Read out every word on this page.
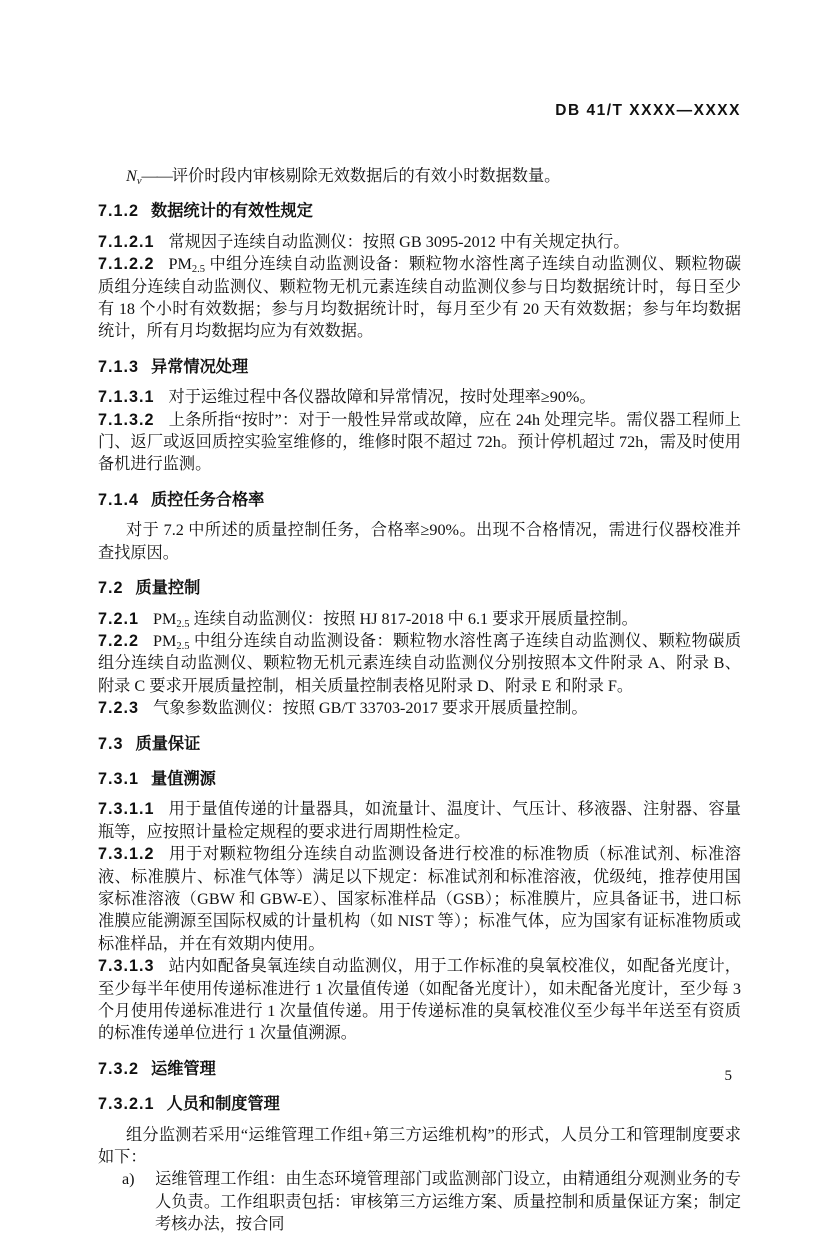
DB 41/T XXXX—XXXX

$N_v——$评价时段内审核剔除无效数据后的有效小时数据数量。

7.1.2 数据统计的有效性规定

7.1.2.1 常规因子连续自动监测仪：按照 GB 3095-2012 中有关规定执行。

7.1.2.2 $PM_{2.5}$ 中组分连续自动监测设备：颗粒物水溶性离子连续自动监测仪、颗粒物碳质组分连续自动监测仪、颗粒物无机元素连续自动监测仪参与日均数据统计时，每日至少有 18 个小时有效数据；参与月均数据统计时，每月至少有 20 天有效数据；参与年均数据统计，所有月均数据均应为有效数据。

7.1.3 异常情况处理

7.1.3.1 对于运维过程中各仪器故障和异常情况，按时处理率≥90%。

7.1.3.2 上条所指“按时”：对于一般性异常或故障，应在 24h 处理完毕。需仪器工程师上门、返厂或返回质控实验室维修的，维修时限不超过 72h。预计停机超过 72h，需及时使用备机进行监测。

7.1.4 质控任务合格率

对于 7.2 中所述的质量控制任务，合格率≥90%。出现不合格情况，需进行仪器校准并查找原因。

7.2 质量控制

7.2.1 $PM_{2.5}$ 连续自动监测仪：按照 HJ 817-2018 中 6.1 要求开展质量控制。

7.2.2 $PM_{2.5}$ 中组分连续自动监测设备：颗粒物水溶性离子连续自动监测仪、颗粒物碳质组分连续自动监测仪、颗粒物无机元素连续自动监测仪分别按照本文件附录 A、附录 B、附录 C 要求开展质量控制，相关质量控制表格见附录 D、附录 E 和附录 F。

7.2.3 气象参数监测仪：按照 GB/T 33703-2017 要求开展质量控制。

7.3 质量保证

7.3.1 量值溯源

7.3.1.1 用于量值传递的计量器具，如流量计、温度计、气压计、移液器、注射器、容量瓶等，应按照计量检定规程的要求进行周期性检定。

7.3.1.2 用于对颗粒物组分连续自动监测设备进行校准的标准物质（标准试剂、标准溶液、标准膜片、标准气体等）满足以下规定：标准试剂和标准溶液，优级纯，推荐使用国家标准溶液（GBW 和 GBW-E）、国家标准样品（GSB）；标准膜片，应具备证书，进口标准膜应能溯源至国际权威的计量机构（如 NIST 等）；标准气体，应为国家有证标准物质或标准样品，并在有效期内使用。

7.3.1.3 站内如配备臭氧连续自动监测仪，用于工作标准的臭氧校准仪，如配备光度计，至少每半年使用传递标准进行 1 次量值传递（如配备光度计），如未配备光度计，至少每 3 个月使用传递标准进行 1 次量值传递。用于传递标准的臭氧校准仪至少每半年送至有资质的标准传递单位进行 1 次量值溯源。

7.3.2 运维管理

7.3.2.1 人员和制度管理

组分监测若采用“运维管理工作组+第三方运维机构”的形式，人员分工和管理制度要求如下：

a) 运维管理工作组：由生态环境管理部门或监测部门设立，由精通组分观测业务的专人负责。工作组职责包括：审核第三方运维方案、质量控制和质量保证方案；制定考核办法，按合同

5
